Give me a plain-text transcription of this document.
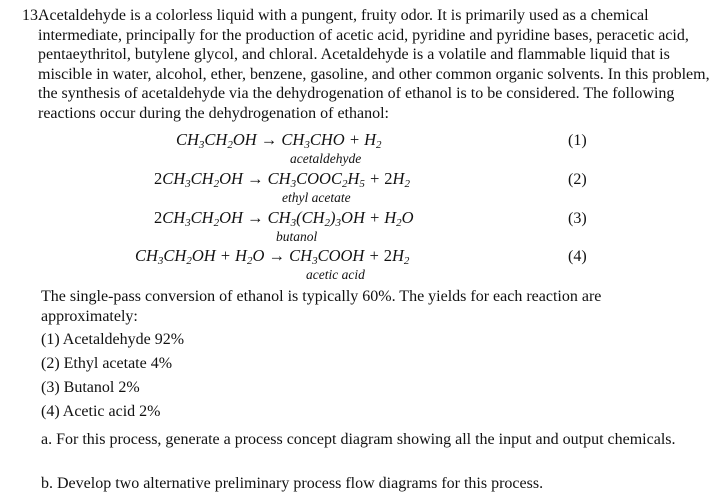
13.
Acetaldehyde is a colorless liquid with a pungent, fruity odor. It is primarily used as a chemical intermediate, principally for the production of acetic acid, pyridine and pyridine bases, peracetic acid, pentaeythritol, butylene glycol, and chloral. Acetaldehyde is a volatile and flammable liquid that is miscible in water, alcohol, ether, benzene, gasoline, and other common organic solvents. In this problem, the synthesis of acetaldehyde via the dehydrogenation of ethanol is to be considered. The following reactions occur during the dehydrogenation of ethanol:
$CH_3CH_2OH \to CH_3CHO + H_2$	(1)
acetaldehyde
$2CH_3CH_2OH$ → $CH_3COOC_2H_5 + 2H_2$	(2)
ethyl acetate
$2CH_3CH_2OH \to CH_3(CH_2)_3OH + H_2O$	(3)
butanol
$CH_3CH_2OH + H_2O$ → $CH_3COOH + 2H_2$	(4)
acetic acid
The single-pass conversion of ethanol is typically 60%. The yields for each reaction are approximately:
(1) Acetaldehyde 92%
(2) Ethyl acetate 4%
(3) Butanol 2%
(4) Acetic acid 2%
a. For this process, generate a process concept diagram showing all the input and output chemicals.
b. Develop two alternative preliminary process flow diagrams for this process.
